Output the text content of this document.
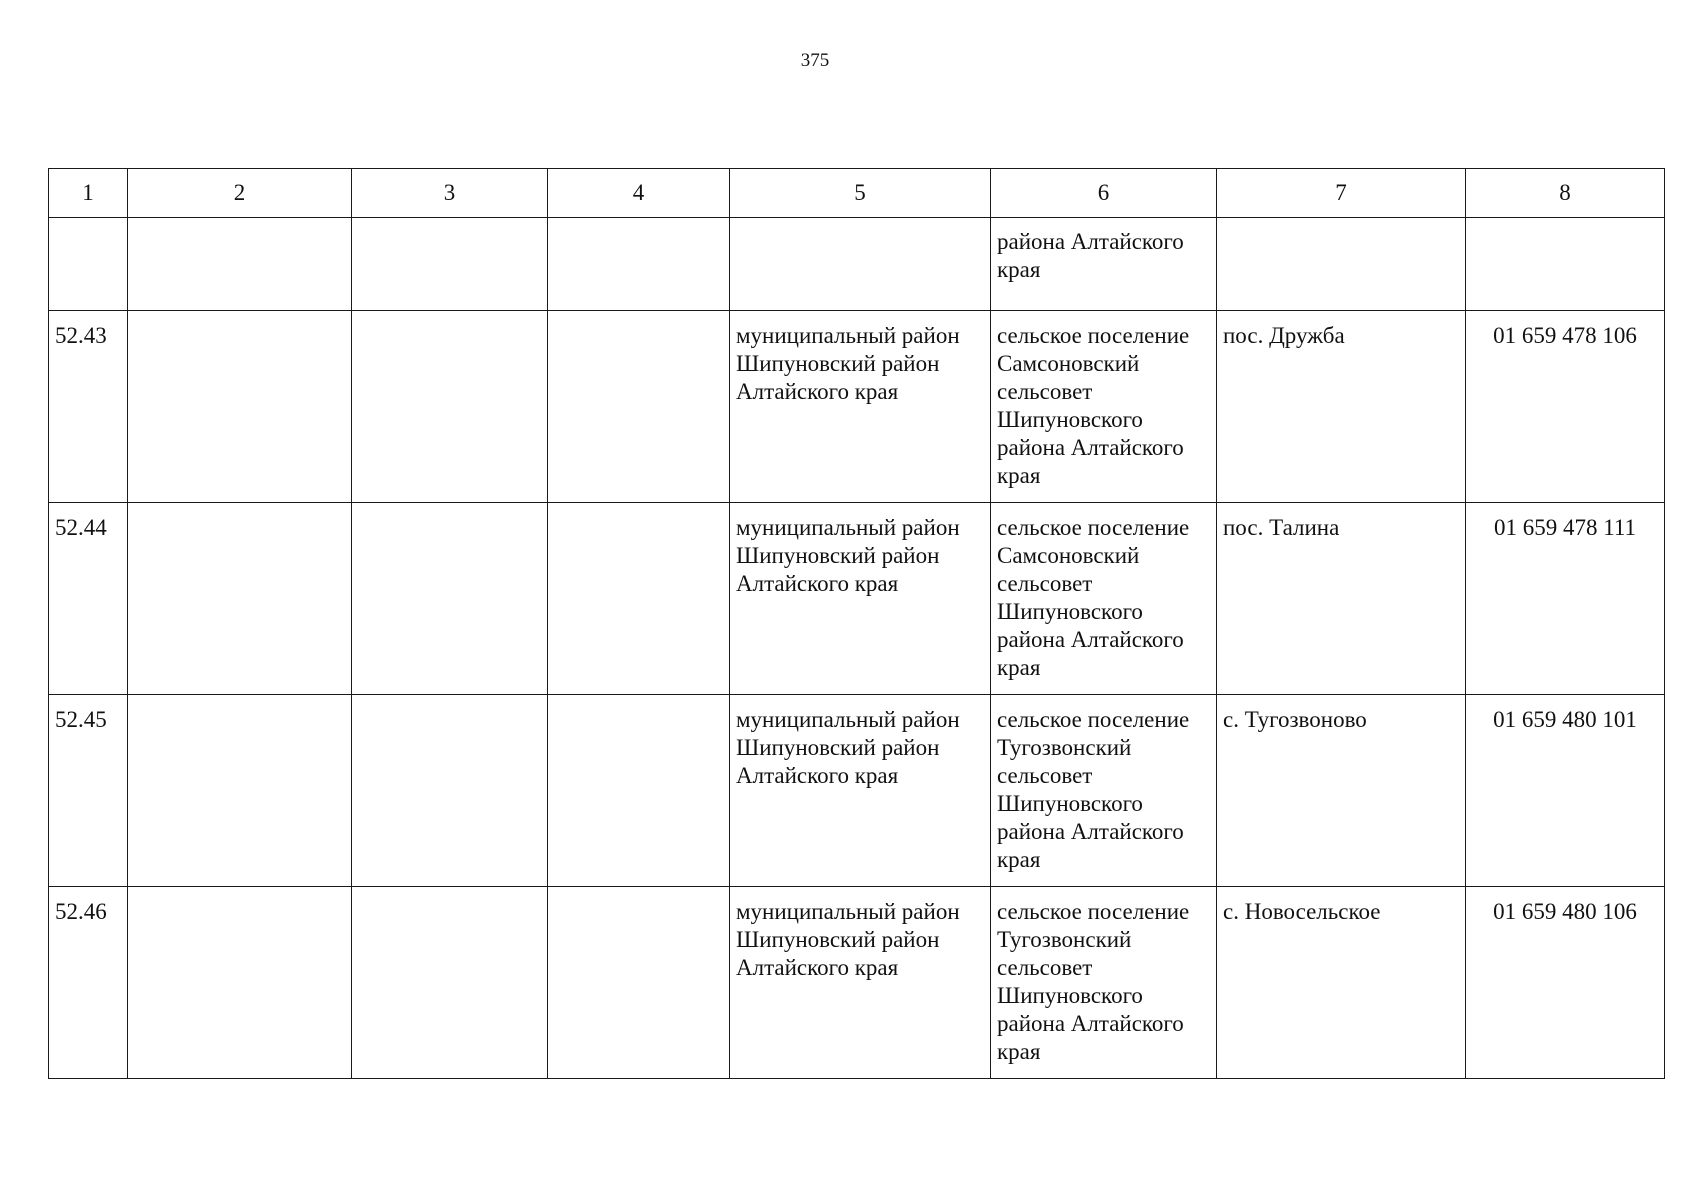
375
1	2	3	4	5	6	7	8
					района Алтайского края		
52.43				муниципальный район Шипуновский район Алтайского края	сельское поселение Самсоновский сельсовет Шипуновского района Алтайского края	пос. Дружба	01 659 478 106
52.44				муниципальный район Шипуновский район Алтайского края	сельское поселение Самсоновский сельсовет Шипуновского района Алтайского края	пос. Талина	01 659 478 111
52.45				муниципальный район Шипуновский район Алтайского края	сельское поселение Тугозвонский сельсовет Шипуновского района Алтайского края	с. Тугозвоново	01 659 480 101
52.46				муниципальный район Шипуновский район Алтайского края	сельское поселение Тугозвонский сельсовет Шипуновского района Алтайского края	с. Новосельское	01 659 480 106
